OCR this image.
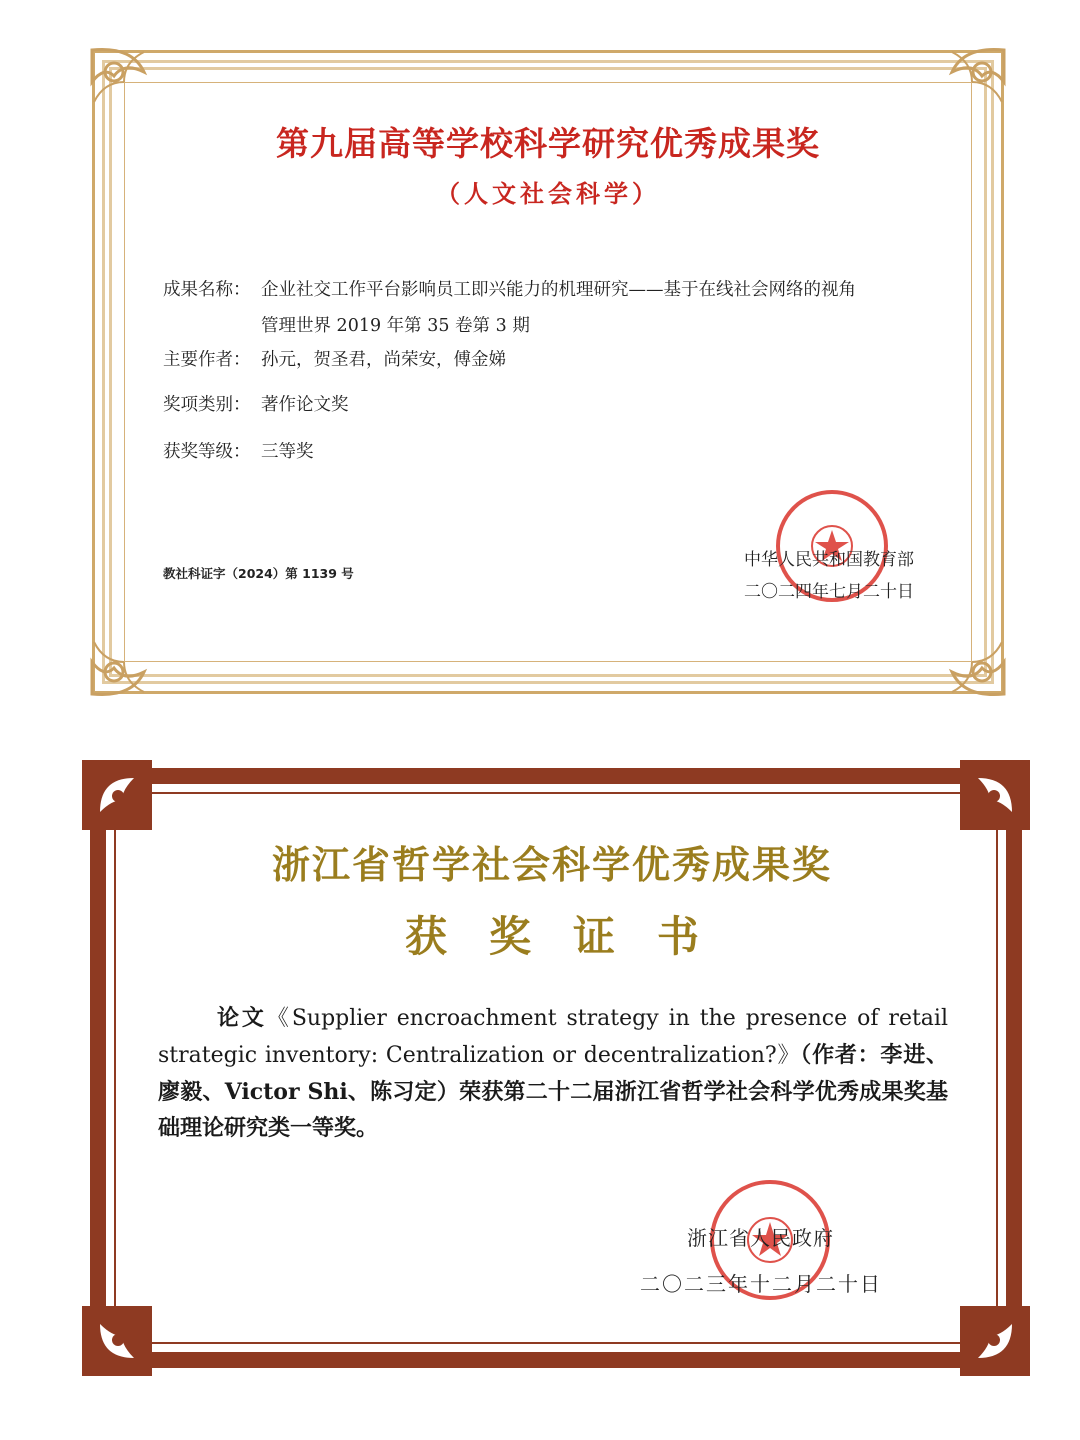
第九届高等学校科学研究优秀成果奖
（人文社会科学）
成果名称： 企业社交工作平台影响员工即兴能力的机理研究——基于在线社会网络的视角
管理世界 2019 年第 35 卷第 3 期
主要作者： 孙元，贺圣君，尚荣安，傅金娣
奖项类别： 著作论文奖
获奖等级： 三等奖
教社科证字（2024）第 1139 号
中华人民共和国教育部
二〇二四年七月二十日
浙江省哲学社会科学优秀成果奖
获奖证书
论文《Supplier encroachment strategy in the presence of retail strategic inventory: Centralization or decentralization?》（作者：李进、廖毅、Victor Shi、陈习定）荣获第二十二届浙江省哲学社会科学优秀成果奖基础理论研究类一等奖。
浙江省人民政府
二〇二三年十二月二十日
